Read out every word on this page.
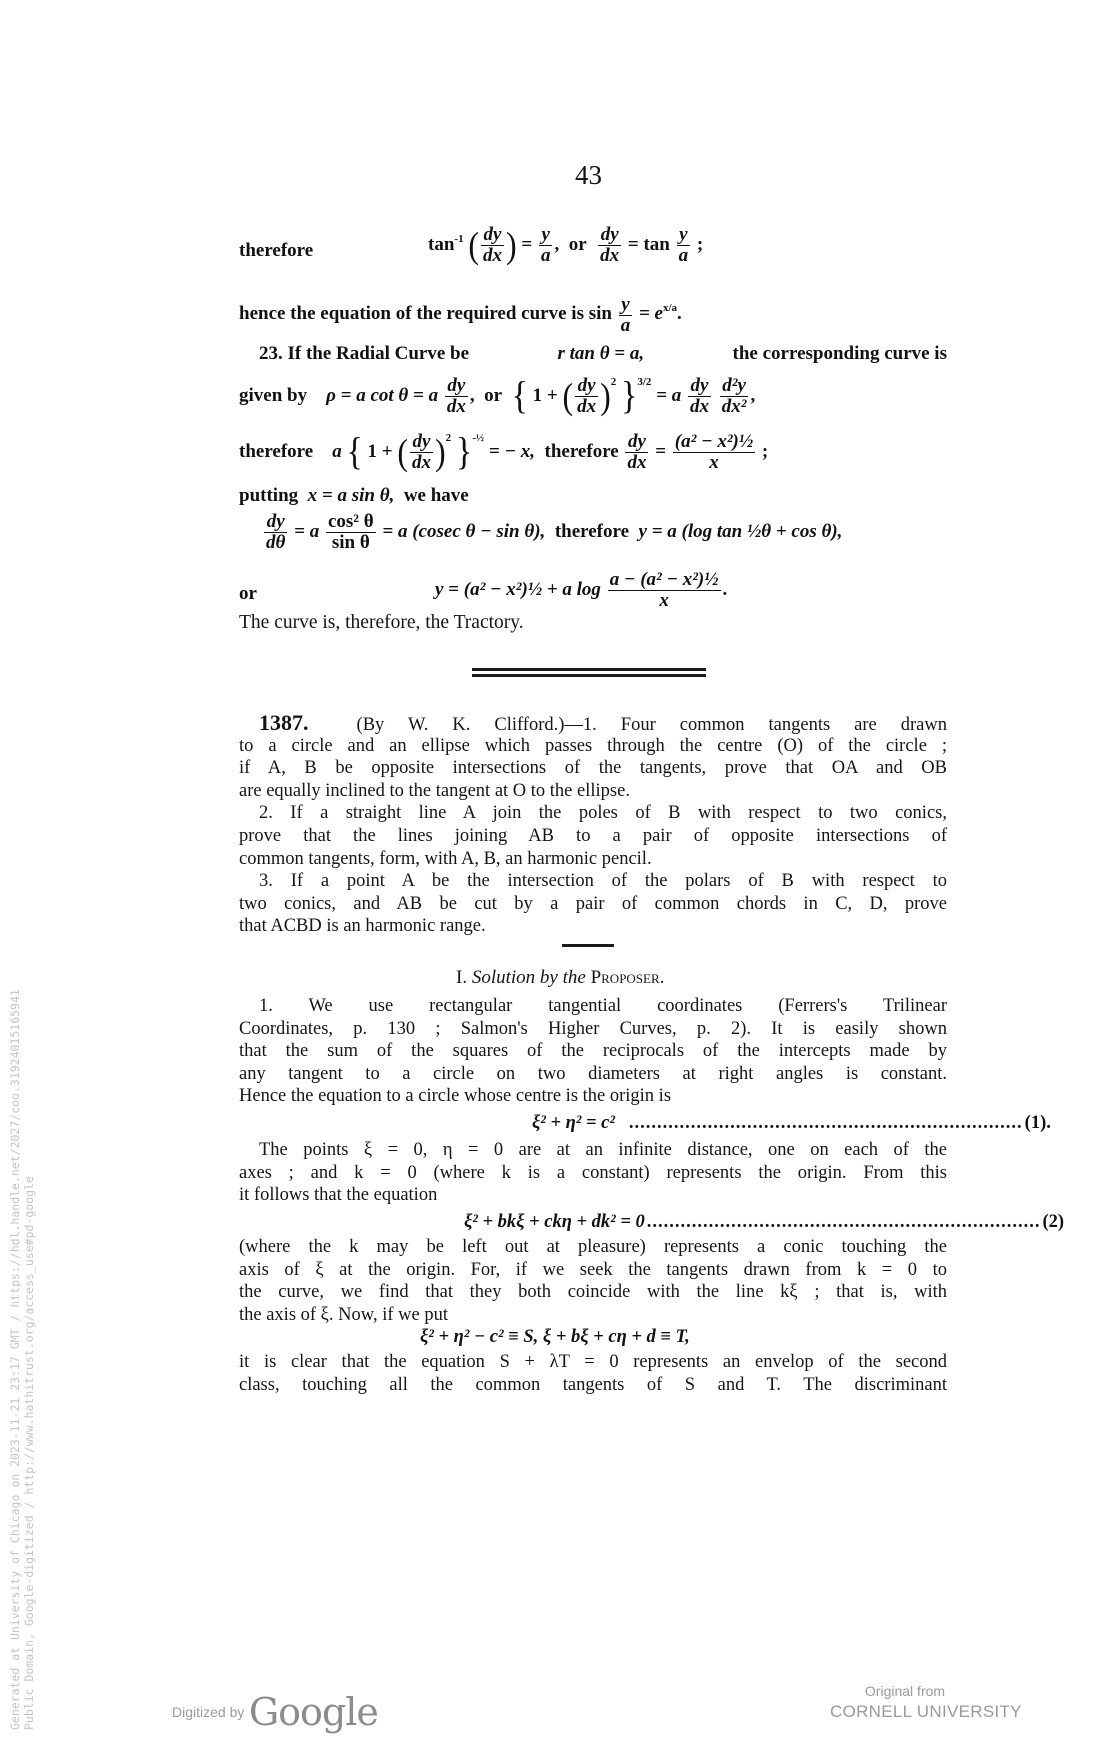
43
therefore	$\tan^{-1}$ ( $\frac{dy}{dx}$ ) = $\frac{y}{a}$ ,  or $\frac{dy}{dx} = \tan \frac{y}{a}$ ;
hence the equation of the required curve is $\sin \frac{y}{a} = e^{x/a}$.
23. If the Radial Curve be	r tan θ = a,	the corresponding curve is
given by ρ = a cot θ = a $\frac{dy}{dx}$ ,  or { 1 + ( $\frac{dy}{dx} )^2$ }$^{3/2}$ = a $\frac{dy}{dx}$
$\frac{\text{d²y}}{\text{dx²}}$ ,
therefore a { 1 + ( $\frac{dy}{dx} )^2$ }$^{-\frac{1}{2}}$ = − x, therefore $\frac{dy}{dx} = \frac{\text{(a² − x²)½}}{x}$ ;
putting x = a sin θ, we have
$\frac{dy}{d\theta} = a \frac{\text{cos² θ}}{\text{sin θ}} = a$ (cosec θ − sin θ), therefore y = a (log tan ½θ + cos θ),
or	y = (a² − x²)½ + a $\log \frac{\text{a − (a² − x²)½}}{x}$ .
The curve is, therefore, the Tractory.
1387.	(By W. K. Clifford.)—1. Four common tangents are drawn
to a circle and an ellipse which passes through the centre (O) of the circle ;
if A, B be opposite intersections of the tangents, prove that OA and OB
are equally inclined to the tangent at O to the ellipse.
2. If a straight line A join the poles of B with respect to two conics,
prove that the lines joining AB to a pair of opposite intersections of
common tangents, form, with A, B, an harmonic pencil.
3. If a point A be the intersection of the polars of B with respect to
two conics, and AB be cut by a pair of common chords in C, D, prove
that ACBD is an harmonic range.
I. Solution by the Proposer.
1. We use rectangular tangential coordinates (Ferrers's Trilinear
Coordinates, p. 130 ; Salmon's Higher Curves, p. 2). It is easily shown
that the sum of the squares of the reciprocals of the intercepts made by
any tangent to a circle on two diameters at right angles is constant.
Hence the equation to a circle whose centre is the origin is
ξ² + η² = c² ...................................................................... (1).
The points ξ = 0, η = 0 are at an infinite distance, one on each of the
axes ; and k = 0 (where k is a constant) represents the origin. From this
it follows that the equation
ξ² + bkξ + ckη + dk² = 0 ...................................................................... (2)
(where the k may be left out at pleasure) represents a conic touching the
axis of ξ at the origin. For, if we seek the tangents drawn from k = 0 to
the curve, we find that they both coincide with the line kξ ; that is, with
the axis of ξ. Now, if we put
ξ² + η² − c² ≡ S, ξ + bξ + cη + d ≡ T,
it is clear that the equation S + λT = 0 represents an envelop of the second
class, touching all the common tangents of S and T. The discriminant
Generated at University of Chicago on 2023-11-21 23:17 GMT / https://hdl.handle.net/2027/coo.31924015165941 Public Domain, Google-digitized / http://www.hathitrust.org/access_use#pd-google	Digitized by Google	Original from
CORNELL UNIVERSITY
